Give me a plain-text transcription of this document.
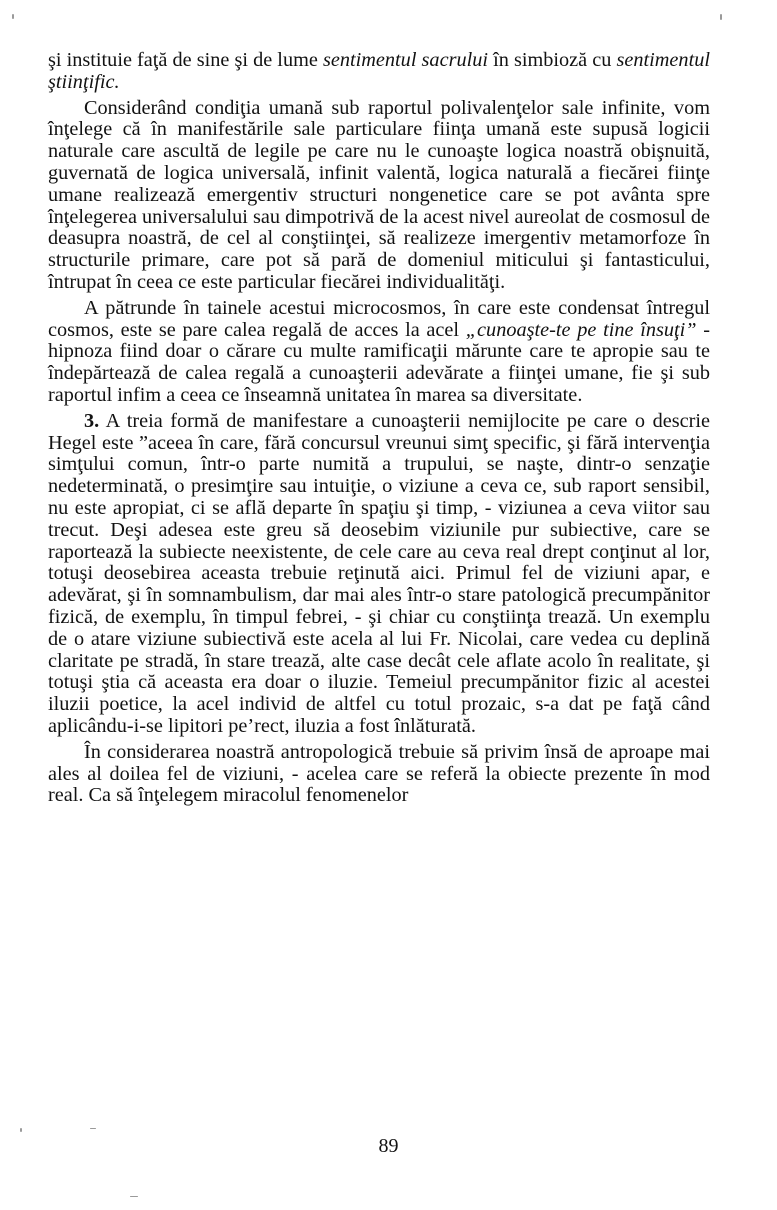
şi instituie faţă de sine şi de lume sentimentul sacrului în simbioză cu sentimentul ştiinţific.

Considerând condiţia umană sub raportul polivalenţelor sale infinite, vom înţelege că în manifestările sale particulare fiinţa umană este supusă logicii naturale care ascultă de legile pe care nu le cunoaşte logica noastră obişnuită, guvernată de logica universală, infinit valentă, logica naturală a fiecărei fiinţe umane realizează emergentiv structuri nongenetice care se pot avânta spre înţelegerea universalului sau dimpotrivă de la acest nivel aureolat de cosmosul de deasupra noastră, de cel al conştiinţei, să realizeze imergentiv metamorfoze în structurile primare, care pot să pară de domeniul miticului şi fantasticului, întrupat în ceea ce este particular fiecărei individualităţi.

A pătrunde în tainele acestui microcosmos, în care este condensat întregul cosmos, este se pare calea regală de acces la acel „cunoaşte-te pe tine însuţi” - hipnoza fiind doar o cărare cu multe ramificaţii mărunte care te apropie sau te îndepărtează de calea regală a cunoaşterii adevărate a fiinţei umane, fie şi sub raportul infim a ceea ce înseamnă unitatea în marea sa diversitate.

3. A treia formă de manifestare a cunoaşterii nemijlocite pe care o descrie Hegel este ”aceea în care, fără concursul vreunui simţ specific, şi fără intervenţia simţului comun, într-o parte numită a trupului, se naşte, dintr-o senzaţie nedeterminată, o presimţire sau intuiţie, o viziune a ceva ce, sub raport sensibil, nu este apropiat, ci se află departe în spaţiu şi timp, - viziunea a ceva viitor sau trecut. Deşi adesea este greu să deosebim viziunile pur subiective, care se raportează la subiecte neexistente, de cele care au ceva real drept conţinut al lor, totuşi deosebirea aceasta trebuie reţinută aici. Primul fel de viziuni apar, e adevărat, şi în somnambulism, dar mai ales într-o stare patologică precumpănitor fizică, de exemplu, în timpul febrei, - şi chiar cu conştiinţa trează. Un exemplu de o atare viziune subiectivă este acela al lui Fr. Nicolai, care vedea cu deplină claritate pe stradă, în stare trează, alte case decât cele aflate acolo în realitate, şi totuşi ştia că aceasta era doar o iluzie. Temeiul precumpănitor fizic al acestei iluzii poetice, la acel individ de altfel cu totul prozaic, s-a dat pe faţă când aplicându-i-se lipitori pe’rect, iluzia a fost înlăturată.

În considerarea noastră antropologică trebuie să privim însă de aproape mai ales al doilea fel de viziuni, - acelea care se referă la obiecte prezente în mod real. Ca să înţelegem miracolul fenomenelor

89
